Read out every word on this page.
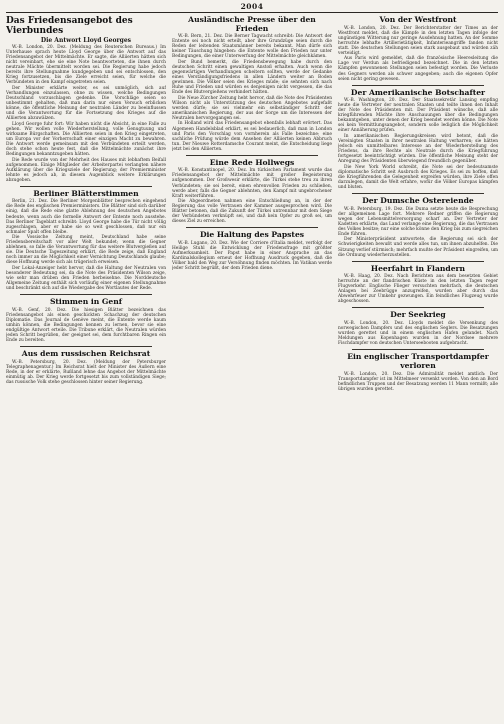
2004
Das Friedensangebot des Vierbundes
Die Antwort Lloyd Georges

W.-B. London, 20. Dez. (Meldung des Reuterschen Bureaus.) Im Unterhause sprach heute Lloyd George über die Antwort auf das Friedensangebot der Mittelmächte. Er sagte, die Alliierten hätten sich nicht vereinbart, ehe sie eine Note beantworteten, die ihnen durch neutrale Mächte übermittelt worden sei. Die Regierung habe jedoch bereits ihre Stellungnahme kundgegeben und sei entschlossen, den Krieg fortzusetzen, bis die Ziele erreicht seien, für welche die Verbündeten in den Kampf eingetreten seien.

Der Minister erklärte weiter, es sei unmöglich, sich auf Verhandlungen einzulassen, ohne zu wissen, welche Bedingungen Deutschland vorzuschlagen gedenke. Die Vorschläge seien so unbestimmt gehalten, daß man darin nur einen Versuch erblicken könne, die öffentliche Meinung der neutralen Länder zu beeinflussen und die Verantwortung für die Fortsetzung des Krieges auf die Alliierten abzuwälzen.

Lloyd George fuhr fort: Wir haben nicht die Absicht, in eine Falle zu gehen. Wir wollen volle Wiederherstellung, volle Genugtuung und wirksame Bürgschaften. Die Alliierten seien in den Krieg eingetreten, um Europa vor der Vorherrschaft einer einzigen Macht zu bewahren. Die Antwort werde gemeinsam mit den Verbündeten erteilt werden, doch stehe schon heute fest, daß die Mittelmächte zunächst ihre Bedingungen bekanntzugeben hätten.

Die Rede wurde von der Mehrheit des Hauses mit lebhaftem Beifall aufgenommen. Einige Mitglieder der Arbeiterpartei verlangten nähere Aufklärung über die Kriegsziele der Regierung; der Premierminister lehnte es jedoch ab, in diesem Augenblick weitere Erklärungen abzugeben.

Berliner Blätterstimmen

Berlin, 21. Dez. Die Berliner Morgenblätter besprechen eingehend die Rede des englischen Premierministers. Die Blätter sind sich darüber einig, daß die Rede eine glatte Ablehnung des deutschen Angebotes bedeute, wenn auch die formelle Antwort der Entente noch ausstehe. Das Berliner Tageblatt schreibt: Lloyd George habe die Tür nicht völlig zugeschlagen, aber er habe sie so weit geschlossen, daß nur ein schmaler Spalt offen bleibe.

Die Vossische Zeitung meint, Deutschland habe seine Friedensbereitschaft vor aller Welt bekundet; wenn die Gegner ablehnen, so falle die Verantwortung für das weitere Blutvergießen auf sie. Die Deutsche Tageszeitung erklärt, die Rede zeige, daß England noch immer an die Möglichkeit einer Vernichtung Deutschlands glaube; diese Hoffnung werde sich als trügerisch erweisen.

Der Lokal-Anzeiger hebt hervor, daß die Haltung der Neutralen von besonderer Bedeutung sei, da die Note des Präsidenten Wilson zeige, wie sehr man drüben den Frieden herbeisehne. Die Norddeutsche Allgemeine Zeitung enthält sich vorläufig einer eigenen Stellungnahme und beschränkt sich auf die Wiedergabe des Wortlautes der Rede.

Stimmen in Genf

W.-B. Genf, 20. Dez. Die hiesigen Blätter bezeichnen das Friedensangebot als einen geschickten Schachzug der deutschen Diplomatie. Das Journal de Genève meint, die Entente werde kaum umhin können, die Bedingungen kennen zu lernen, bevor sie eine endgültige Antwort erteile. Die Tribune erklärt, die Neutralen würden jeden Schritt begrüßen, der geeignet sei, dem furchtbaren Ringen ein Ende zu bereiten.

Aus dem russischen Reichsrat

W.-B. Petersburg, 20. Dez. (Meldung der Petersburger Telegraphenagentur.) Im Reichsrat hielt der Minister des Äußern eine Rede, in der er erklärte, Rußland lehne das Angebot der Mittelmächte einmütig ab. Der Krieg werde fortgesetzt bis zum vollständigen Siege; das russische Volk stehe geschlossen hinter seiner Regierung.

Ausländische Presse über den Frieden

W.-B. Bern, 21. Dez. Die Berner Tagwacht schreibt: Die Antwort der Entente sei noch nicht erteilt, aber ihre Grundzüge seien durch die Reden der leitenden Staatsmänner bereits bekannt. Man dürfe sich keiner Täuschung hingeben: die Entente wolle den Frieden nur unter Bedingungen, die einer Unterwerfung der Mittelmächte gleichkämen.

Der Bund bemerkt, die Friedensbewegung habe durch den deutschen Schritt einen gewaltigen Anstoß erhalten. Auch wenn die gegenwärtigen Verhandlungen scheitern sollten, werde der Gedanke eines Verständigungsfriedens in allen Ländern weiter an Boden gewinnen. Die Völker seien des Krieges müde; sie sehnten sich nach Ruhe und Frieden und würden es denjenigen nicht vergessen, die das Ende des Blutvergießens verhindert hätten.

Die Neue Zürcher Zeitung hebt hervor, daß die Note des Präsidenten Wilson nicht als Unterstützung des deutschen Angebotes aufgefaßt werden dürfe; sie sei vielmehr ein selbständiger Schritt der amerikanischen Regierung, der aus der Sorge um die Interessen der Neutralen hervorgegangen sei.

In Holland wird das Friedensangebot ebenfalls lebhaft erörtert. Das Algemeen Handelsblad erklärt, es sei bedauerlich, daß man in London und Paris den Vorschlag von vornherein als Falle bezeichne; eine sachliche Prüfung würde dem Ansehen der Alliierten keinen Abbruch tun. Der Nieuwe Rotterdamsche Courant meint, die Entscheidung liege jetzt bei den Alliierten.

Eine Rede Hollwegs

W.-B. Konstantinopel, 20. Dez. Im türkischen Parlament wurde das Friedensangebot der Mittelmächte mit großer Begeisterung aufgenommen. Der Großwesir erklärte, die Türkei stehe treu zu ihren Verbündeten; sie sei bereit, einen ehrenvollen Frieden zu schließen, werde aber, falls die Gegner ablehnten, den Kampf mit ungebrochener Kraft weiterführen.

Die Abgeordneten nahmen eine Entschließung an, in der der Regierung das volle Vertrauen der Kammer ausgesprochen wird. Die Blätter betonen, daß die Zukunft der Türkei untrennbar mit dem Siege der Verbündeten verknüpft sei, und daß kein Opfer zu groß sei, um dieses Ziel zu erreichen.

Die Haltung des Papstes

W.-B. Lugano, 20. Dez. Wie der Corriere d'Italia meldet, verfolgt der Heilige Stuhl die Entwicklung der Friedensfrage mit größter Aufmerksamkeit. Der Papst habe in einer Ansprache an das Kardinalskollegium erneut der Hoffnung Ausdruck gegeben, daß die Völker bald den Weg zur Versöhnung finden möchten. Im Vatikan werde jeder Schritt begrüßt, der dem Frieden diene.

Von der Westfront

W.-B. London, 20. Dez. Der Berichterstatter der Times an der Westfront meldet, daß die Kämpfe in den letzten Tagen infolge der ungünstigen Witterung nur geringe Ausdehnung hatten. An der Somme herrschte lebhafte Artillerietätigkeit, Infanterieangriffe fanden nicht statt. Die deutschen Stellungen seien stark ausgebaut und würden zäh verteidigt.

Aus Paris wird gemeldet, daß die französische Heeresleitung die Lage vor Verdun als befriedigend bezeichnet. Die in den letzten Kämpfen gewonnenen Stellungen seien befestigt worden. Die Verluste des Gegners werden als schwer angegeben; auch die eigenen Opfer seien nicht gering gewesen.

Der Amerikanische Botschafter

W.-B. Washington, 20. Dez. Der Staatssekretär Lansing empfing heute die Vertreter der neutralen Staaten und teilte ihnen den Inhalt der Note des Präsidenten mit. Der Präsident wünsche, daß alle kriegführenden Mächte ihre Anschauungen über die Bedingungen bekanntgeben, unter denen der Krieg beendet werden könne. Die Note sei kein Vermittlungsangebot, sondern solle lediglich die Möglichkeit einer Annäherung prüfen.

In amerikanischen Regierungskreisen wird betont, daß die Vereinigten Staaten in ihrer neutralen Haltung verharren; sie hätten jedoch ein unmittelbares Interesse an der Wiederherstellung des Friedens, da ihre Rechte als Neutrale durch die Kriegführung fortgesetzt beeinträchtigt würden. Die öffentliche Meinung steht der Anregung des Präsidenten überwiegend freundlich gegenüber.

Die New York World schreibt, die Note sei der bedeutsamste diplomatische Schritt seit Ausbruch des Krieges. Es sei zu hoffen, daß die Kriegführenden die Gelegenheit ergreifen würden, ihre Ziele offen darzulegen, damit die Welt erfahre, wofür die Völker Europas kämpfen und bluten.

Der Dumsche Ostereiende

W.-B. Petersburg, 19. Dez. Die Duma setzte heute die Besprechung der allgemeinen Lage fort. Mehrere Redner griffen die Regierung wegen der Lebensmittelversorgung scharf an. Der Vertreter der Kadetten erklärte, das Land verlange eine Regierung, die das Vertrauen des Volkes besitze; nur eine solche könne den Krieg bis zum siegreichen Ende führen.

Der Ministerpräsident antwortete, die Regierung sei sich der Schwierigkeiten bewußt und werde alles tun, um ihnen abzuhelfen. Die Sitzung verlief stürmisch; mehrfach mußte der Präsident eingreifen, um die Ordnung wiederherzustellen.

Heerfahrt in Flandern

W.-B. Haag, 20. Dez. Nach Berichten aus dem besetzten Gebiet herrschte an der flandrischen Küste in den letzten Tagen reger Flugverkehr. Englische Flieger versuchten mehrfach, die deutschen Anlagen bei Zeebrügge anzugreifen, wurden aber durch das Abwehrfeuer zur Umkehr gezwungen. Ein feindliches Flugzeug wurde abgeschossen.

Der Seekrieg

W.-B. London, 20. Dez. Lloyds meldet die Versenkung des norwegischen Dampfers und des englischen Seglers. Die Besatzungen wurden gerettet und in einem englischen Hafen gelandet. Nach Meldungen aus Kopenhagen wurden in der Nordsee mehrere Fischdampfer von deutschen Unterseebooten aufgebracht.

Ein englischer Transportdampfer verloren

W.-B. London, 20. Dez. Die Admiralität meldet amtlich: Der Transportdampfer ist im Mittelmeer versenkt worden. Von den an Bord befindlichen Truppen und der Besatzung werden 11 Mann vermißt; alle übrigen wurden gerettet.
